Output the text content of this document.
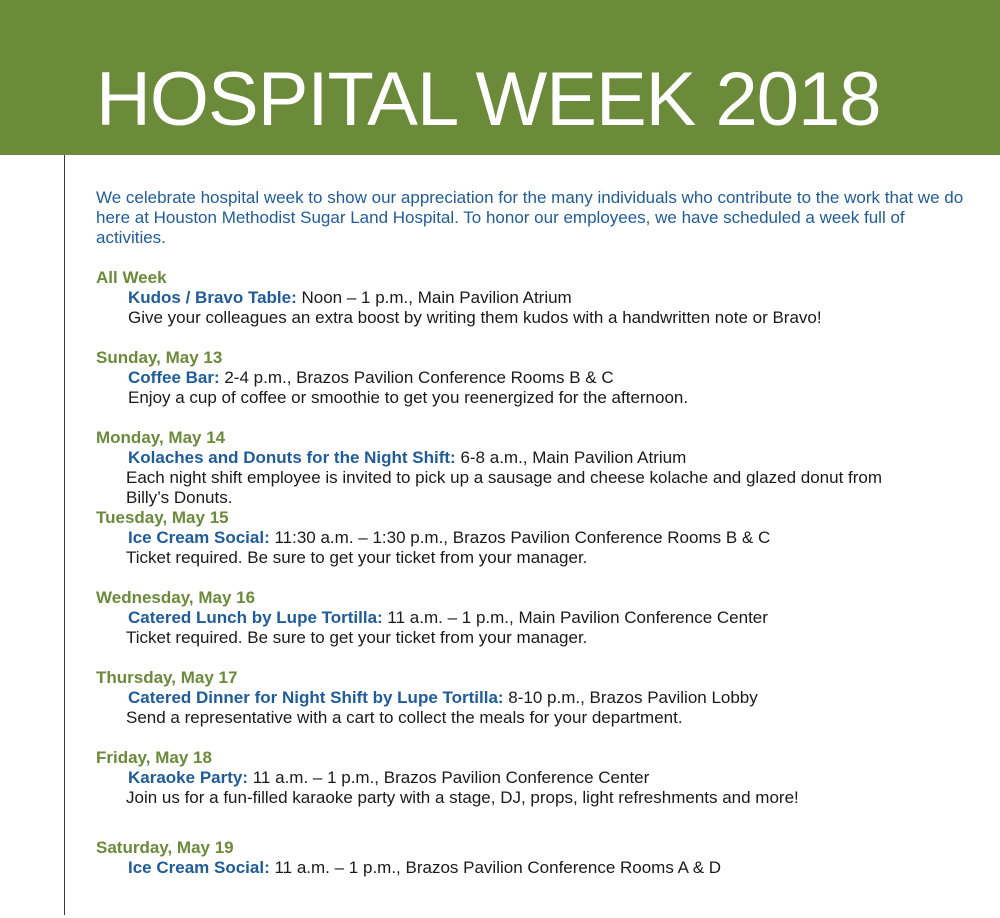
HOSPITAL WEEK 2018

We celebrate hospital week to show our appreciation for the many individuals who contribute to the work that we do here at Houston Methodist Sugar Land Hospital. To honor our employees, we have scheduled a week full of activities.

All Week
Kudos / Bravo Table: Noon – 1 p.m., Main Pavilion Atrium
Give your colleagues an extra boost by writing them kudos with a handwritten note or Bravo!
Sunday, May 13
Coffee Bar: 2-4 p.m., Brazos Pavilion Conference Rooms B & C
Enjoy a cup of coffee or smoothie to get you reenergized for the afternoon.
Monday, May 14
Kolaches and Donuts for the Night Shift: 6-8 a.m., Main Pavilion Atrium
Each night shift employee is invited to pick up a sausage and cheese kolache and glazed donut from Billy’s Donuts.
Tuesday, May 15
Ice Cream Social: 11:30 a.m. – 1:30 p.m., Brazos Pavilion Conference Rooms B & C
Ticket required. Be sure to get your ticket from your manager.
Wednesday, May 16
Catered Lunch by Lupe Tortilla: 11 a.m. – 1 p.m., Main Pavilion Conference Center
Ticket required. Be sure to get your ticket from your manager.
Thursday, May 17
Catered Dinner for Night Shift by Lupe Tortilla: 8-10 p.m., Brazos Pavilion Lobby
Send a representative with a cart to collect the meals for your department.
Friday, May 18
Karaoke Party: 11 a.m. – 1 p.m., Brazos Pavilion Conference Center
Join us for a fun-filled karaoke party with a stage, DJ, props, light refreshments and more!
Saturday, May 19
Ice Cream Social: 11 a.m. – 1 p.m., Brazos Pavilion Conference Rooms A & D
